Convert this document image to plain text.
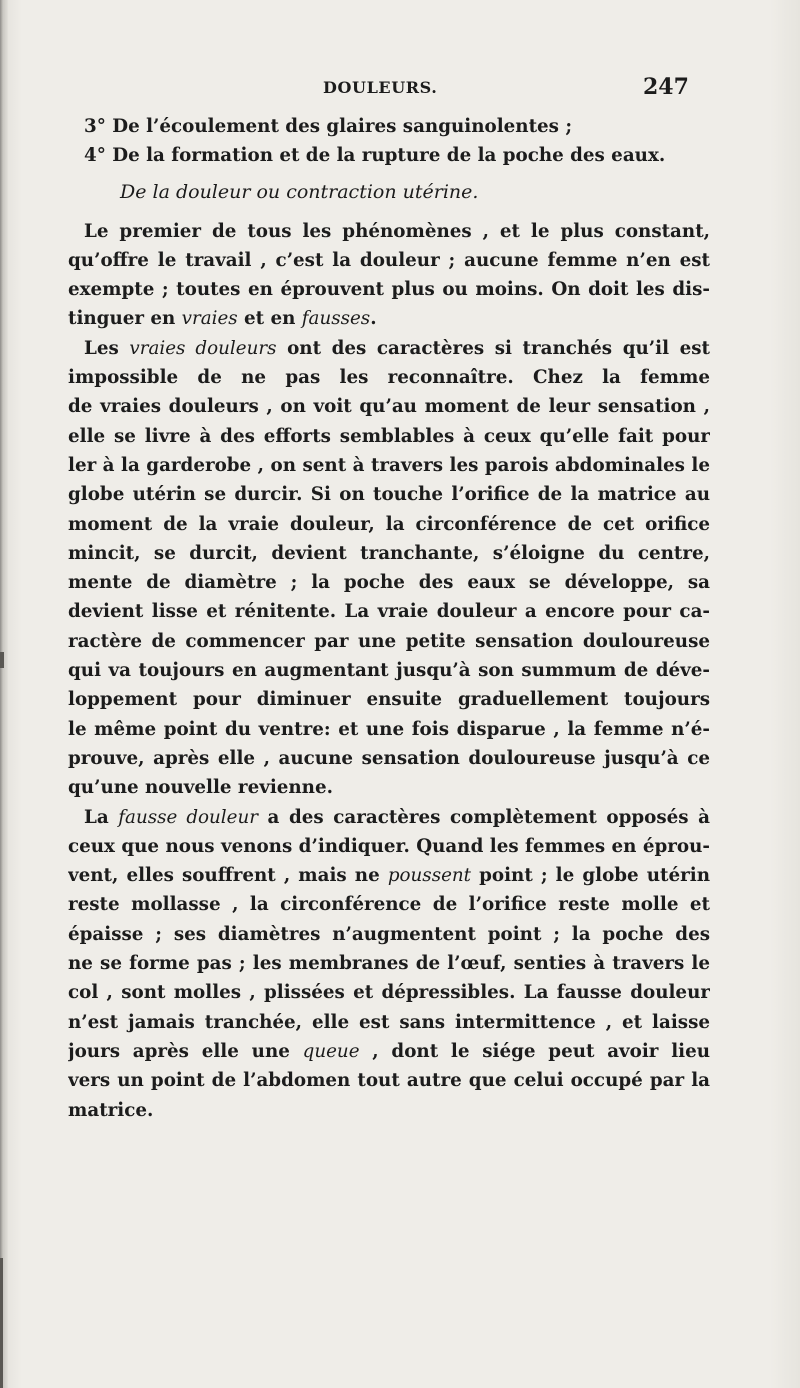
DOULEURS.	247
3° De l’écoulement des glaires sanguinolentes ;
4° De la formation et de la rupture de la poche des eaux.
De la douleur ou contraction utérine.
Le premier de tous les phénomènes , et le plus constant,
qu’offre le travail , c’est la douleur ; aucune femme n’en est
exempte ; toutes en éprouvent plus ou moins. On doit les dis-
tinguer en vraies et en fausses.
Les vraies douleurs ont des caractères si tranchés qu’il est
impossible de ne pas les reconnaître. Chez la femme
de vraies douleurs , on voit qu’au moment de leur sensation ,
elle se livre à des efforts semblables à ceux qu’elle fait pour
ler à la garderobe , on sent à travers les parois abdominales le
globe utérin se durcir. Si on touche l’orifice de la matrice au
moment de la vraie douleur, la circonférence de cet orifice
mincit, se durcit, devient tranchante, s’éloigne du centre,
mente de diamètre ; la poche des eaux se développe, sa
devient lisse et rénitente. La vraie douleur a encore pour ca-
ractère de commencer par une petite sensation douloureuse
qui va toujours en augmentant jusqu’à son summum de déve-
loppement pour diminuer ensuite graduellement toujours
le même point du ventre: et une fois disparue , la femme n’é-
prouve, après elle , aucune sensation douloureuse jusqu’à ce
qu’une nouvelle revienne.
La fausse douleur a des caractères complètement opposés à
ceux que nous venons d’indiquer. Quand les femmes en éprou-
vent, elles souffrent , mais ne poussent point ; le globe utérin
reste mollasse , la circonférence de l’orifice reste molle et
épaisse ; ses diamètres n’augmentent point ; la poche des
ne se forme pas ; les membranes de l’œuf, senties à travers le
col , sont molles , plissées et dépressibles. La fausse douleur
n’est jamais tranchée, elle est sans intermittence , et laisse
jours après elle une queue , dont le siége peut avoir lieu
vers un point de l’abdomen tout autre que celui occupé par la
matrice.
